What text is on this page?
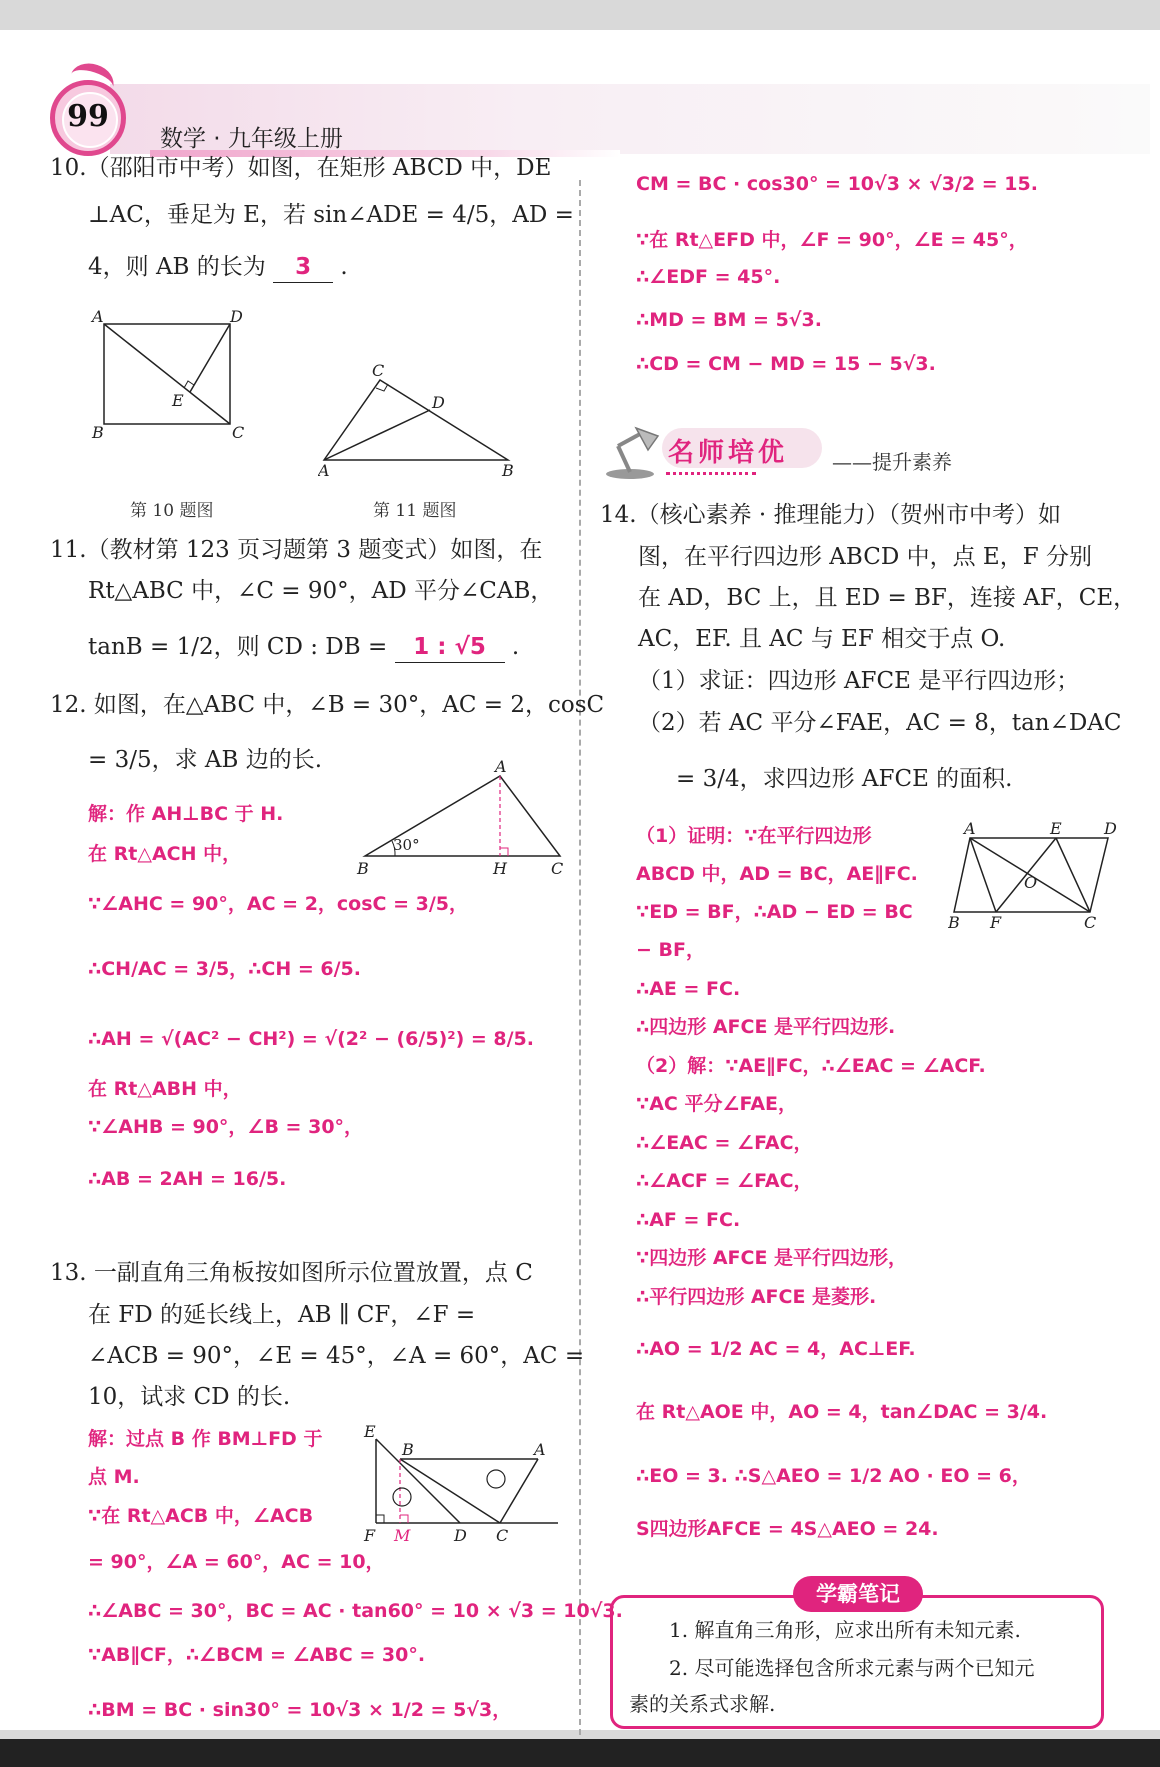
99
数学 · 九年级上册
10.（邵阳市中考）如图，在矩形 ABCD 中，DE
⊥AC，垂足为 E，若 sin∠ADE = 4/5，AD =
4，则 AB 的长为 3 .
A	D
E
B	C
第 10 题图
C
D
A	B
第 11 题图
11.（教材第 123 页习题第 3 题变式）如图，在
Rt△ABC 中，∠C = 90°，AD 平分∠CAB，
tanB = 1/2，则 CD : DB = 1 : √5 .
12. 如图，在△ABC 中，∠B = 30°，AC = 2，cosC
= 3/5，求 AB 边的长.	A
B	H	C
30°
解：作 AH⊥BC 于 H.
在 Rt△ACH 中，
∵∠AHC = 90°，AC = 2，cosC = 3/5，
∴CH/AC = 3/5，∴CH = 6/5.
∴AH = √(AC² − CH²) = √(2² − (6/5)²) = 8/5.
在 Rt△ABH 中，
∵∠AHB = 90°，∠B = 30°，
∴AB = 2AH = 16/5.
13. 一副直角三角板按如图所示位置放置，点 C
在 FD 的延长线上，AB ∥ CF，∠F =
∠ACB = 90°，∠E = 45°，∠A = 60°，AC =
10，试求 CD 的长.
E
B	A
F M	D C
解：过点 B 作 BM⊥FD 于
点 M.
∵在 Rt△ACB 中，∠ACB
= 90°，∠A = 60°，AC = 10，
∴∠ABC = 30°，BC = AC · tan60° = 10 × √3 = 10√3.
∵AB∥CF，∴∠BCM = ∠ABC = 30°.
∴BM = BC · sin30° = 10√3 × 1/2 = 5√3，
CM = BC · cos30° = 10√3 × √3/2 = 15.
∵在 Rt△EFD 中，∠F = 90°，∠E = 45°，
∴∠EDF = 45°.
∴MD = BM = 5√3.
∴CD = CM − MD = 15 − 5√3.
名师培优 ——提升素养
14.（核心素养 · 推理能力）（贺州市中考）如
图，在平行四边形 ABCD 中，点 E，F 分别
在 AD，BC 上，且 ED = BF，连接 AF，CE，
AC，EF. 且 AC 与 EF 相交于点 O.
（1）求证：四边形 AFCE 是平行四边形；
（2）若 AC 平分∠FAE，AC = 8，tan∠DAC
= 3/4，求四边形 AFCE 的面积.
A	E	D
O
B F	C
（1）证明：∵在平行四边形
ABCD 中，AD = BC，AE∥FC.
∵ED = BF，∴AD − ED = BC
− BF，
∴AE = FC.
∴四边形 AFCE 是平行四边形.
（2）解：∵AE∥FC，∴∠EAC = ∠ACF.
∵AC 平分∠FAE，
∴∠EAC = ∠FAC，
∴∠ACF = ∠FAC，
∴AF = FC.
∵四边形 AFCE 是平行四边形，
∴平行四边形 AFCE 是菱形.
∴AO = 1/2 AC = 4，AC⊥EF.
在 Rt△AOE 中，AO = 4，tan∠DAC = 3/4.
∴EO = 3. ∴S△AEO = 1/2 AO · EO = 6，
S四边形AFCE = 4S△AEO = 24.
学霸笔记
1. 解直角三角形，应求出所有未知元素.
2. 尽可能选择包含所求元素与两个已知元
素的关系式求解.
